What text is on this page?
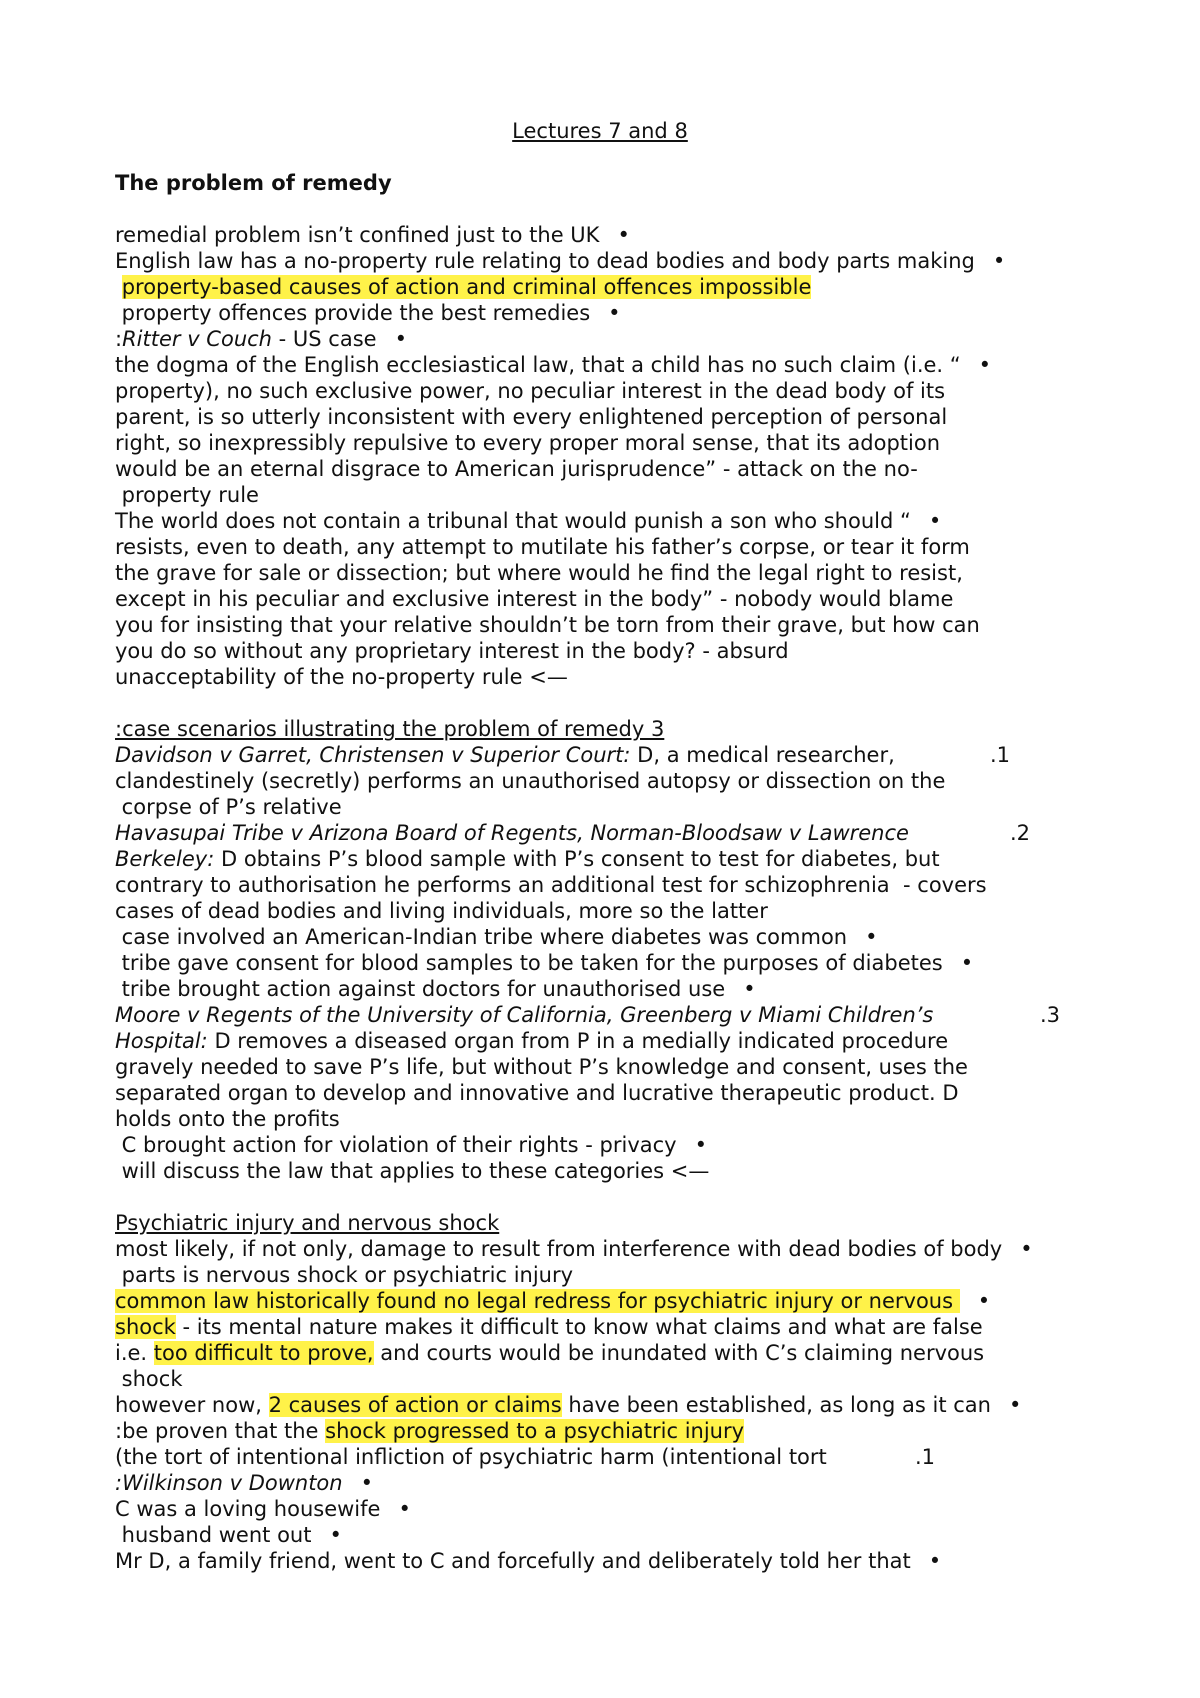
Lectures 7 and 8
The problem of remedy
remedial problem isn’t confined just to the UK •
English law has a no-property rule relating to dead bodies and body parts making •
property-based causes of action and criminal offences impossible
property offences provide the best remedies •
:Ritter v Couch - US case •
the dogma of the English ecclesiastical law, that a child has no such claim (i.e. “ •
property), no such exclusive power, no peculiar interest in the dead body of its
parent, is so utterly inconsistent with every enlightened perception of personal
right, so inexpressibly repulsive to every proper moral sense, that its adoption
would be an eternal disgrace to American jurisprudence” - attack on the no-
property rule
The world does not contain a tribunal that would punish a son who should “ •
resists, even to death, any attempt to mutilate his father’s corpse, or tear it form
the grave for sale or dissection; but where would he find the legal right to resist,
except in his peculiar and exclusive interest in the body” - nobody would blame
you for insisting that your relative shouldn’t be torn from their grave, but how can
you do so without any proprietary interest in the body? - absurd
unacceptability of the no-property rule <—
:case scenarios illustrating the problem of remedy 3
Davidson v Garret, Christensen v Superior Court: D, a medical researcher,	.1
clandestinely (secretly) performs an unauthorised autopsy or dissection on the
corpse of P’s relative
Havasupai Tribe v Arizona Board of Regents, Norman-Bloodsaw v Lawrence	.2
Berkeley: D obtains P’s blood sample with P’s consent to test for diabetes, but
contrary to authorisation he performs an additional test for schizophrenia  - covers
cases of dead bodies and living individuals, more so the latter
case involved an American-Indian tribe where diabetes was common •
tribe gave consent for blood samples to be taken for the purposes of diabetes •
tribe brought action against doctors for unauthorised use •
Moore v Regents of the University of California, Greenberg v Miami Children’s	.3
Hospital: D removes a diseased organ from P in a medially indicated procedure
gravely needed to save P’s life, but without P’s knowledge and consent, uses the
separated organ to develop and innovative and lucrative therapeutic product. D
holds onto the profits
C brought action for violation of their rights - privacy •
will discuss the law that applies to these categories <—
Psychiatric injury and nervous shock
most likely, if not only, damage to result from interference with dead bodies of body •
parts is nervous shock or psychiatric injury
common law historically found no legal redress for psychiatric injury or nervous •
shock - its mental nature makes it difficult to know what claims and what are false
i.e. too difficult to prove, and courts would be inundated with C’s claiming nervous
shock
however now, 2 causes of action or claims have been established, as long as it can •
:be proven that the shock progressed to a psychiatric injury
(the tort of intentional infliction of psychiatric harm (intentional tort	.1
:Wilkinson v Downton •
C was a loving housewife •
husband went out •
Mr D, a family friend, went to C and forcefully and deliberately told her that •
